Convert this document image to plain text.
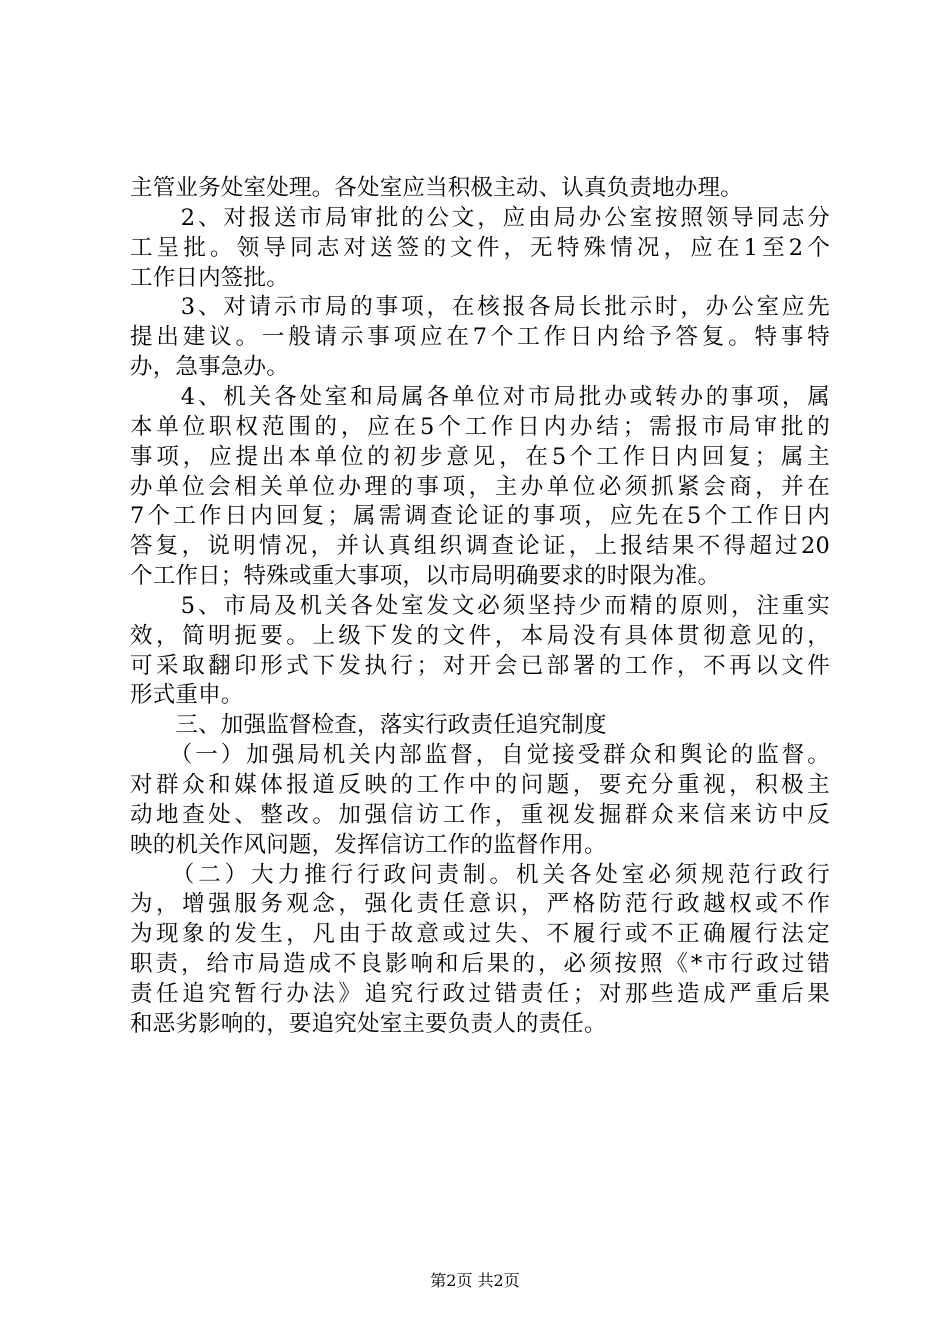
主管业务处室处理。各处室应当积极主动、认真负责地办理。
　　2、对报送市局审批的公文，应由局办公室按照领导同志分
工呈批。领导同志对送签的文件，无特殊情况，应在1至2个
工作日内签批。
　　3、对请示市局的事项，在核报各局长批示时，办公室应先
提出建议。一般请示事项应在7个工作日内给予答复。特事特
办，急事急办。
　　4、机关各处室和局属各单位对市局批办或转办的事项，属
本单位职权范围的，应在5个工作日内办结；需报市局审批的
事项，应提出本单位的初步意见，在5个工作日内回复；属主
办单位会相关单位办理的事项，主办单位必须抓紧会商，并在
7个工作日内回复；属需调查论证的事项，应先在5个工作日内
答复，说明情况，并认真组织调查论证，上报结果不得超过20
个工作日；特殊或重大事项，以市局明确要求的时限为准。
　　5、市局及机关各处室发文必须坚持少而精的原则，注重实
效，简明扼要。上级下发的文件，本局没有具体贯彻意见的，
可采取翻印形式下发执行；对开会已部署的工作，不再以文件
形式重申。
　　三、加强监督检查，落实行政责任追究制度
　　（一）加强局机关内部监督，自觉接受群众和舆论的监督。
对群众和媒体报道反映的工作中的问题，要充分重视，积极主
动地查处、整改。加强信访工作，重视发掘群众来信来访中反
映的机关作风问题，发挥信访工作的监督作用。
　　（二）大力推行行政问责制。机关各处室必须规范行政行
为，增强服务观念，强化责任意识，严格防范行政越权或不作
为现象的发生，凡由于故意或过失、不履行或不正确履行法定
职责，给市局造成不良影响和后果的，必须按照《*市行政过错
责任追究暂行办法》追究行政过错责任；对那些造成严重后果
和恶劣影响的，要追究处室主要负责人的责任。
第2页 共2页
